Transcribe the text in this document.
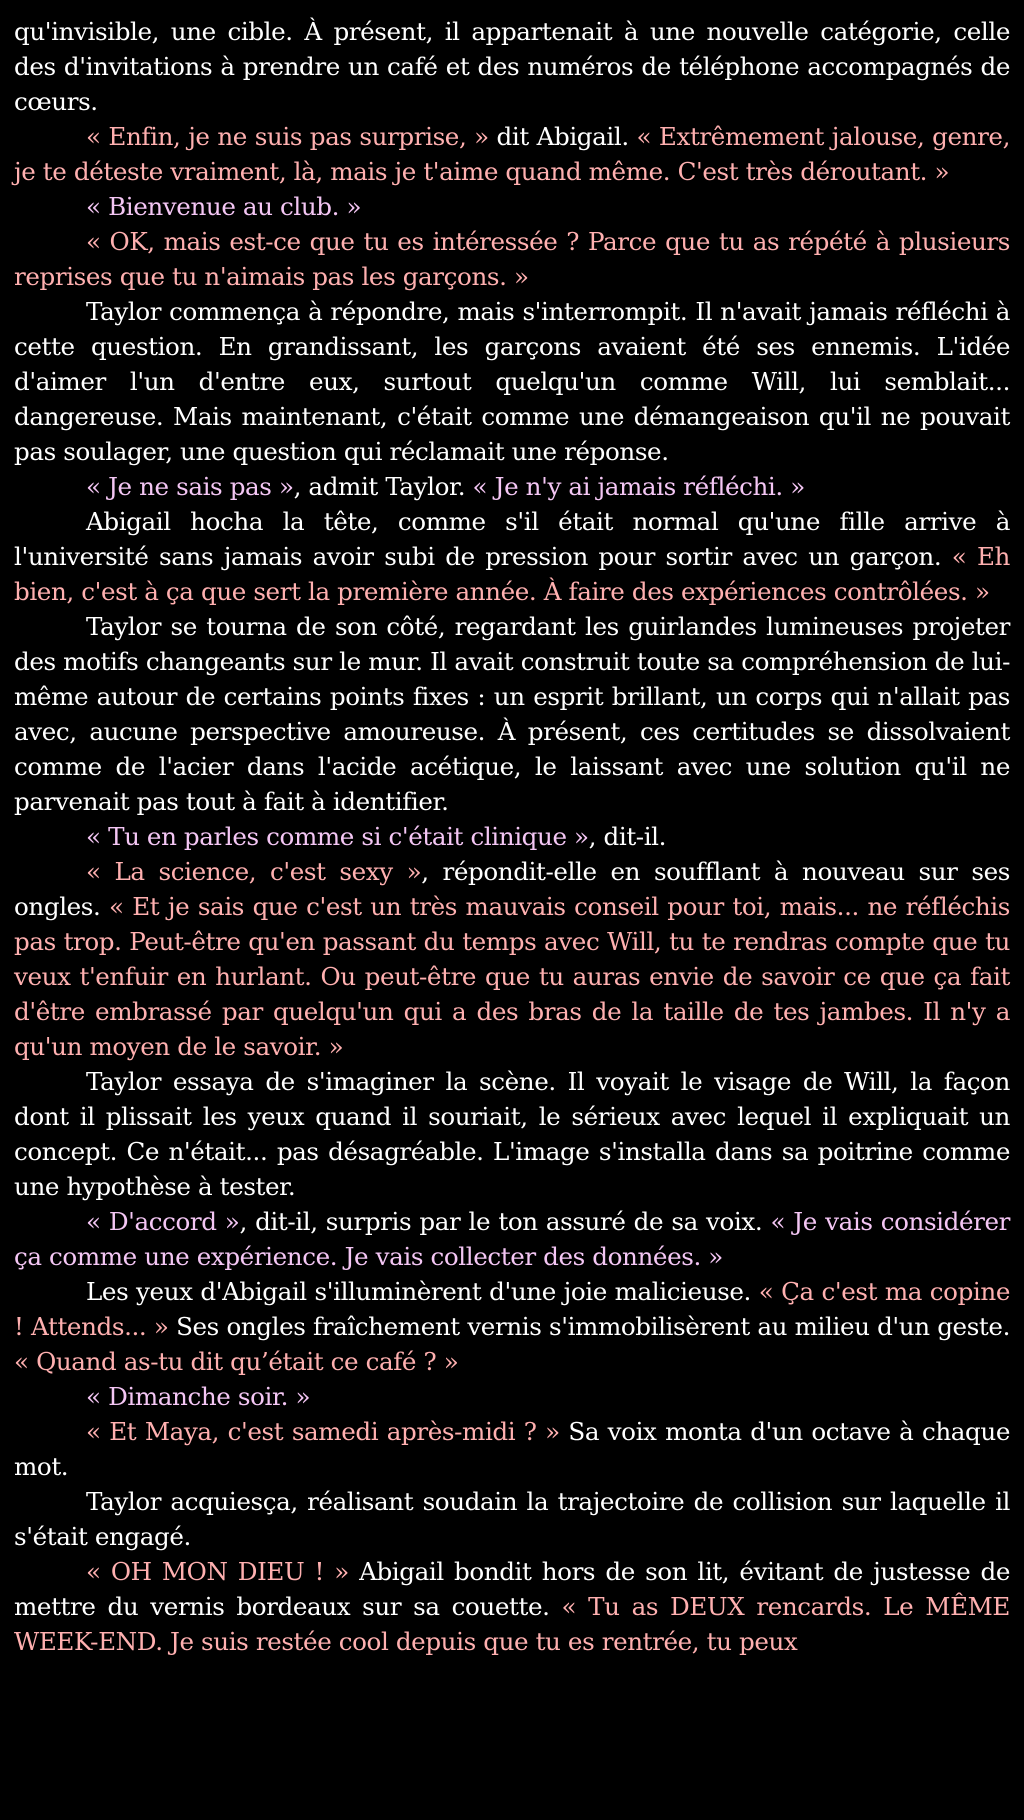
qu'invisible, une cible. À présent, il appartenait à une nouvelle catégorie, celle des d'invitations à prendre un café et des numéros de téléphone accompagnés de cœurs.

« Enfin, je ne suis pas surprise, » dit Abigail. « Extrêmement jalouse, genre, je te déteste vraiment, là, mais je t'aime quand même. C'est très déroutant. »

« Bienvenue au club. »

« OK, mais est-ce que tu es intéressée ? Parce que tu as répété à plusieurs reprises que tu n'aimais pas les garçons. »

Taylor commença à répondre, mais s'interrompit. Il n'avait jamais réfléchi à cette question. En grandissant, les garçons avaient été ses ennemis. L'idée d'aimer l'un d'entre eux, surtout quelqu'un comme Will, lui semblait... dangereuse. Mais maintenant, c'était comme une démangeaison qu'il ne pouvait pas soulager, une question qui réclamait une réponse.

« Je ne sais pas », admit Taylor. « Je n'y ai jamais réfléchi. »

Abigail hocha la tête, comme s'il était normal qu'une fille arrive à l'université sans jamais avoir subi de pression pour sortir avec un garçon. « Eh bien, c'est à ça que sert la première année. À faire des expériences contrôlées. »

Taylor se tourna de son côté, regardant les guirlandes lumineuses projeter des motifs changeants sur le mur. Il avait construit toute sa compréhension de lui-même autour de certains points fixes : un esprit brillant, un corps qui n'allait pas avec, aucune perspective amoureuse. À présent, ces certitudes se dissolvaient comme de l'acier dans l'acide acétique, le laissant avec une solution qu'il ne parvenait pas tout à fait à identifier.

« Tu en parles comme si c'était clinique », dit-il.

« La science, c'est sexy », répondit-elle en soufflant à nouveau sur ses ongles. « Et je sais que c'est un très mauvais conseil pour toi, mais... ne réfléchis pas trop. Peut-être qu'en passant du temps avec Will, tu te rendras compte que tu veux t'enfuir en hurlant. Ou peut-être que tu auras envie de savoir ce que ça fait d'être embrassé par quelqu'un qui a des bras de la taille de tes jambes. Il n'y a qu'un moyen de le savoir. »

Taylor essaya de s'imaginer la scène. Il voyait le visage de Will, la façon dont il plissait les yeux quand il souriait, le sérieux avec lequel il expliquait un concept. Ce n'était... pas désagréable. L'image s'installa dans sa poitrine comme une hypothèse à tester.

« D'accord », dit-il, surpris par le ton assuré de sa voix. « Je vais considérer ça comme une expérience. Je vais collecter des données. »

Les yeux d'Abigail s'illuminèrent d'une joie malicieuse. « Ça c'est ma copine ! Attends... » Ses ongles fraîchement vernis s'immobilisèrent au milieu d'un geste. « Quand as-tu dit qu’était ce café ? »

« Dimanche soir. »

« Et Maya, c'est samedi après-midi ? » Sa voix monta d'un octave à chaque mot.

Taylor acquiesça, réalisant soudain la trajectoire de collision sur laquelle il s'était engagé.

« OH MON DIEU ! » Abigail bondit hors de son lit, évitant de justesse de mettre du vernis bordeaux sur sa couette. « Tu as DEUX rencards. Le MÊME WEEK-END. Je suis restée cool depuis que tu es rentrée, tu peux
